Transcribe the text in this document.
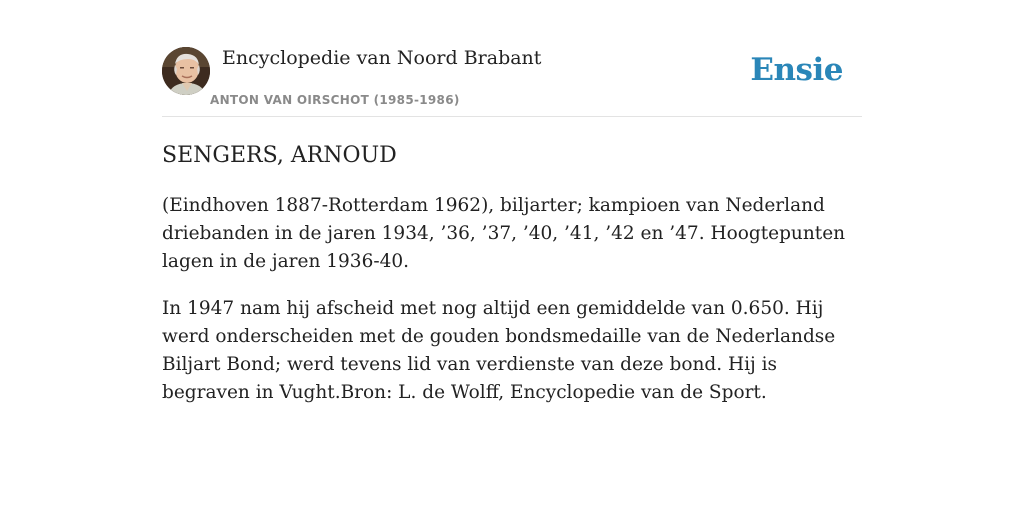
Encyclopedie van Noord Brabant
ANTON VAN OIRSCHOT (1985-1986)
Ensie
SENGERS, ARNOUD

(Eindhoven 1887-Rotterdam 1962), biljarter; kampioen van Nederland driebanden in de jaren 1934, ’36, ’37, ’40, ’41, ’42 en ’47. Hoogtepunten lagen in de jaren 1936-40.

In 1947 nam hij afscheid met nog altijd een gemiddelde van 0.650. Hij werd onderscheiden met de gouden bondsmedaille van de Nederlandse Biljart Bond; werd tevens lid van verdienste van deze bond. Hij is begraven in Vught.Bron: L. de Wolff, Encyclopedie van de Sport.
